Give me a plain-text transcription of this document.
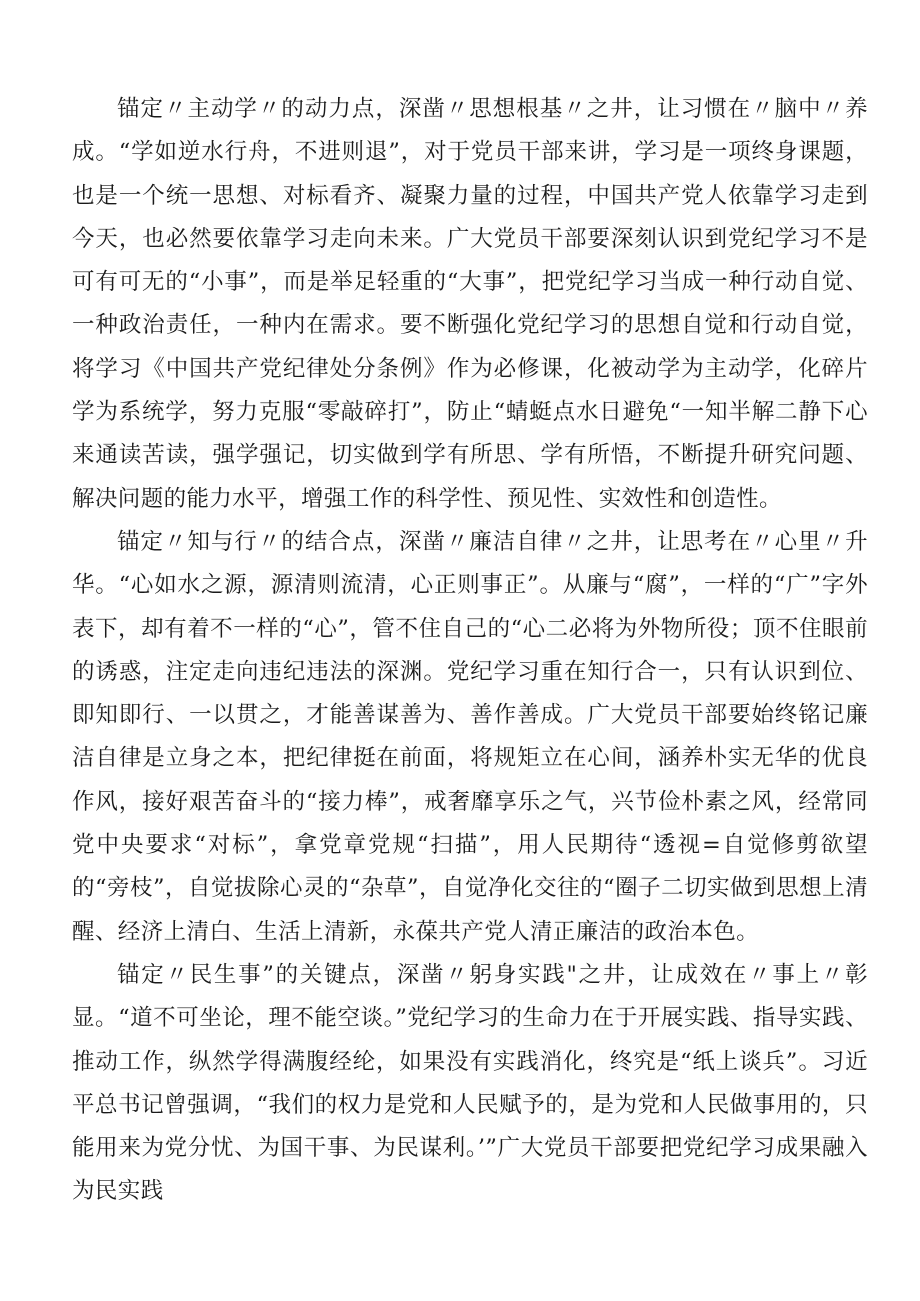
锚定〃主动学〃的动力点，深凿〃思想根基〃之井，让习惯在〃脑中〃养成。“学如逆水行舟，不进则退”，对于党员干部来讲，学习是一项终身课题，也是一个统一思想、对标看齐、凝聚力量的过程，中国共产党人依靠学习走到今天，也必然要依靠学习走向未来。广大党员干部要深刻认识到党纪学习不是可有可无的“小事”，而是举足轻重的“大事”，把党纪学习当成一种行动自觉、一种政治责任，一种内在需求。要不断强化党纪学习的思想自觉和行动自觉，将学习《中国共产党纪律处分条例》作为必修课，化被动学为主动学，化碎片学为系统学，努力克服“零敲碎打”，防止“蜻蜓点水日避免“一知半解二静下心来通读苦读，强学强记，切实做到学有所思、学有所悟，不断提升研究问题、解决问题的能力水平，增强工作的科学性、预见性、实效性和创造性。

锚定〃知与行〃的结合点，深凿〃廉洁自律〃之井，让思考在〃心里〃升华。“心如水之源，源清则流清，心正则事正”。从廉与“腐”，一样的“广”字外表下，却有着不一样的“心”，管不住自己的“心二必将为外物所役；顶不住眼前的诱惑，注定走向违纪违法的深渊。党纪学习重在知行合一，只有认识到位、即知即行、一以贯之，才能善谋善为、善作善成。广大党员干部要始终铭记廉洁自律是立身之本，把纪律挺在前面，将规矩立在心间，涵养朴实无华的优良作风，接好艰苦奋斗的“接力棒”，戒奢靡享乐之气，兴节俭朴素之风，经常同党中央要求“对标”，拿党章党规“扫描”，用人民期待“透视=自觉修剪欲望的“旁枝”，自觉拔除心灵的“杂草”，自觉净化交往的“圈子二切实做到思想上清醒、经济上清白、生活上清新，永葆共产党人清正廉洁的政治本色。

锚定〃民生事”的关键点，深凿〃躬身实践"之井，让成效在〃事上〃彰显。“道不可坐论，理不能空谈。”党纪学习的生命力在于开展实践、指导实践、推动工作，纵然学得满腹经纶，如果没有实践消化，终究是“纸上谈兵”。习近平总书记曾强调，“我们的权力是党和人民赋予的，是为党和人民做事用的，只能用来为党分忧、为国干事、为民谋利。’”广大党员干部要把党纪学习成果融入为民实践
